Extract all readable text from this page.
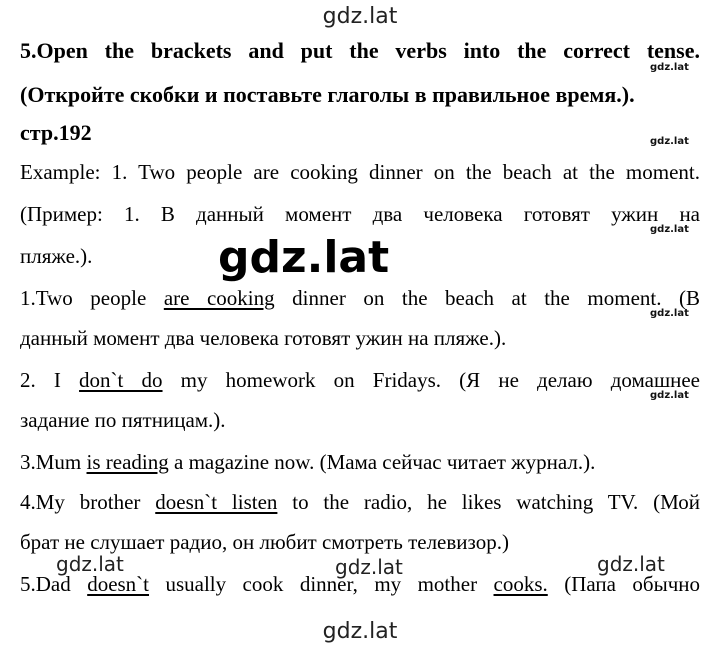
gdz.lat
5.Open the brackets and put the verbs into the correct tense.
gdz.lat
(Откройте скобки и поставьте глаголы в правильное время.).
стр.192	gdz.lat
Example: 1. Two people are cooking dinner on the beach at the moment.
(Пример: 1. В данный момент два человека готовят ужин на
gdz.lat
пляже.).	gdz.lat
1.Two people are cooking dinner on the beach at the moment. (В
gdz.lat
данный момент два человека готовят ужин на пляже.).
2. I don`t do my homework on Fridays. (Я не делаю домашнее
gdz.lat
задание по пятницам.).
3.Mum is reading a magazine now. (Мама сейчас читает журнал.).
4.My brother doesn`t listen to the radio, he likes watching TV. (Мой
брат не слушает радио, он любит смотреть телевизор.)
gdz.lat	gdz.lat	gdz.lat
5.Dad doesn`t usually cook dinner, my mother cooks. (Папа обычно
gdz.lat
